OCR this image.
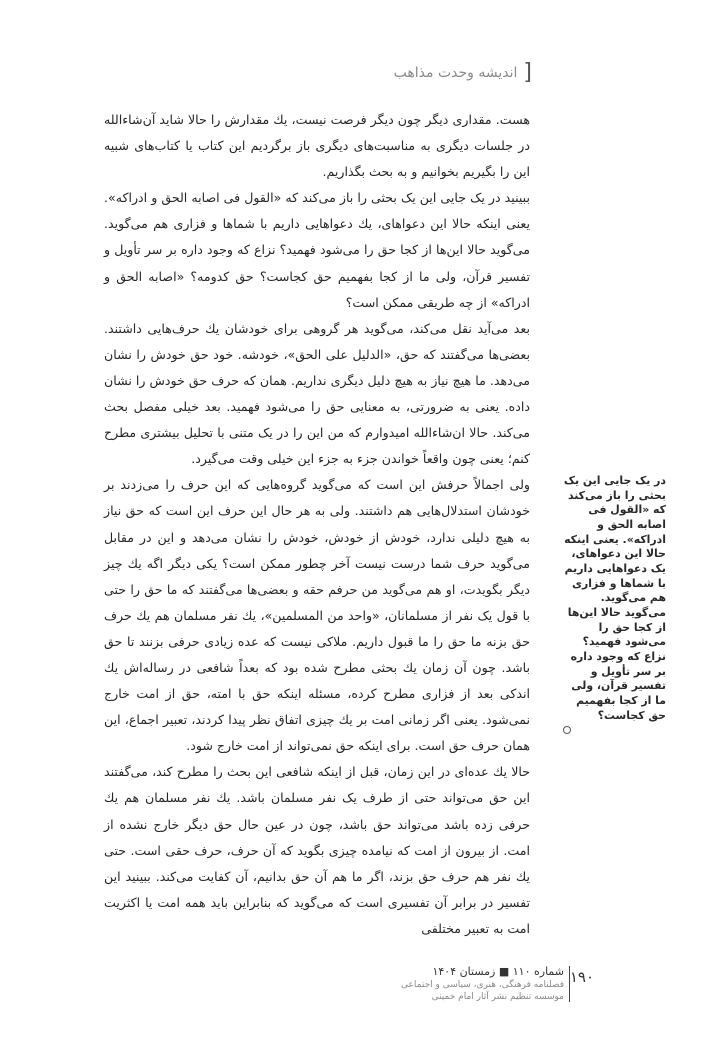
[
اندیشه وحدت مذاهب

هست. مقداری دیگر چون دیگر فرصت نیست، یك مقدارش را حالا شاید آن‌شاءالله در جلسات دیگری به مناسبت‌های دیگری باز برگردیم این کتاب یا کتاب‌های شبیه این را بگیریم بخوانیم و به بحث بگذاریم.

ببینید در یک جایی این یک بحثی را باز می‌کند که «القول فی اصابه الحق و ادراکه». یعنی اینکه حالا این دعواهای، یك دعواهایی داریم با شماها و فزاری هم می‌گوید. می‌گوید حالا این‌ها از کجا حق را می‌شود فهمید؟ نزاع که وجود داره بر سر تأویل و تفسیر قرآن، ولی ما از کجا بفهمیم حق کجاست؟ حق کدومه؟ «اصابه الحق و ادراکه» از چه طریقی ممکن است؟

بعد می‌آید نقل می‌کند، می‌گوید هر گروهی برای خودشان یك حرف‌هایی داشتند. بعضی‌ها می‌گفتند که حق، «الدلیل علی الحق»، خودشه. خود حق خودش را نشان می‌دهد. ما هیچ نیاز به هیچ دلیل دیگری نداریم. همان که حرف حق خودش را نشان داده. یعنی به ضرورتی، به معنایی حق را می‌شود فهمید. بعد خیلی مفصل بحث می‌کند. حالا ان‌شاءالله امیدوارم که من این را در یک متنی با تحلیل بیشتری مطرح کنم؛ یعنی چون واقعاً خواندن جزء به جزء این خیلی وقت می‌گیرد.

ولی اجمالاً حرفش این است که می‌گوید گروه‌هایی که این حرف را می‌زدند بر خودشان استدلال‌هایی هم داشتند. ولی به هر حال این حرف این است که حق نیاز به هیچ دلیلی ندارد، خودش از خودش، خودش را نشان می‌دهد و این در مقابل می‌گوید حرف شما درست نیست آخر چطور ممکن است؟ یکی دیگر اگه یك چیز دیگر بگویدت، او هم می‌گوید من حرفم حقه و بعضی‌ها می‌گفتند که ما حق را حتی با قول یک نفر از مسلمانان، «واحد من المسلمین»، یك نفر مسلمان هم یك حرف حق بزنه ما حق را ما قبول داریم. ملاکی نیست که عده زیادی حرفی بزنند تا حق باشد. چون آن زمان یك بحثی مطرح شده بود که بعداً شافعی در رساله‌اش یك اندکی بعد از فزاری مطرح کرده، مسئله اینکه حق با امته، حق از امت خارج نمی‌شود. یعنی اگر زمانی امت بر یك چیزی اتفاق نظر پیدا کردند، تعبیر اجماع، این همان حرف حق است. برای اینکه حق نمی‌تواند از امت خارج شود.

حالا یك عده‌ای در این زمان، قبل از اینکه شافعی این بحث را مطرح کند، می‌گفتند این حق می‌تواند حتی از طرف یک نفر مسلمان باشد. یك نفر مسلمان هم یك حرفی زده باشد می‌تواند حق باشد، چون در عین حال حق دیگر خارج نشده از امت. از بیرون از امت که نیامده چیزی بگوید که آن حرف، حرف حقی است. حتی یك نفر هم حرف حق بزند، اگر ما هم آن حق بدانیم، آن کفایت می‌کند. ببینید این تفسیر در برابر آن تفسیری است که می‌گوید که بنابراین باید همه امت یا اکثریت امت به تعبیر مختلفی

در یک جایی این یک بحثی را باز می‌کند که «القول فی اصابه الحق و ادراکه». یعنی اینکه حالا این دعواهای، یک دعواهایی داریم با شماها و فزاری هم می‌گوید. می‌گوید حالا این‌ها از کجا حق را می‌شود فهمید؟ نزاع که وجود داره بر سر تأویل و تفسیر قرآن، ولی ما از کجا بفهمیم حق کجاست؟
۱۹۰
شماره ۱۱۰ ■ زمستان ۱۴۰۴
فصلنامه فرهنگی، هنری، سیاسی و اجتماعی
موسسه تنظیم نشر آثار امام خمینی
